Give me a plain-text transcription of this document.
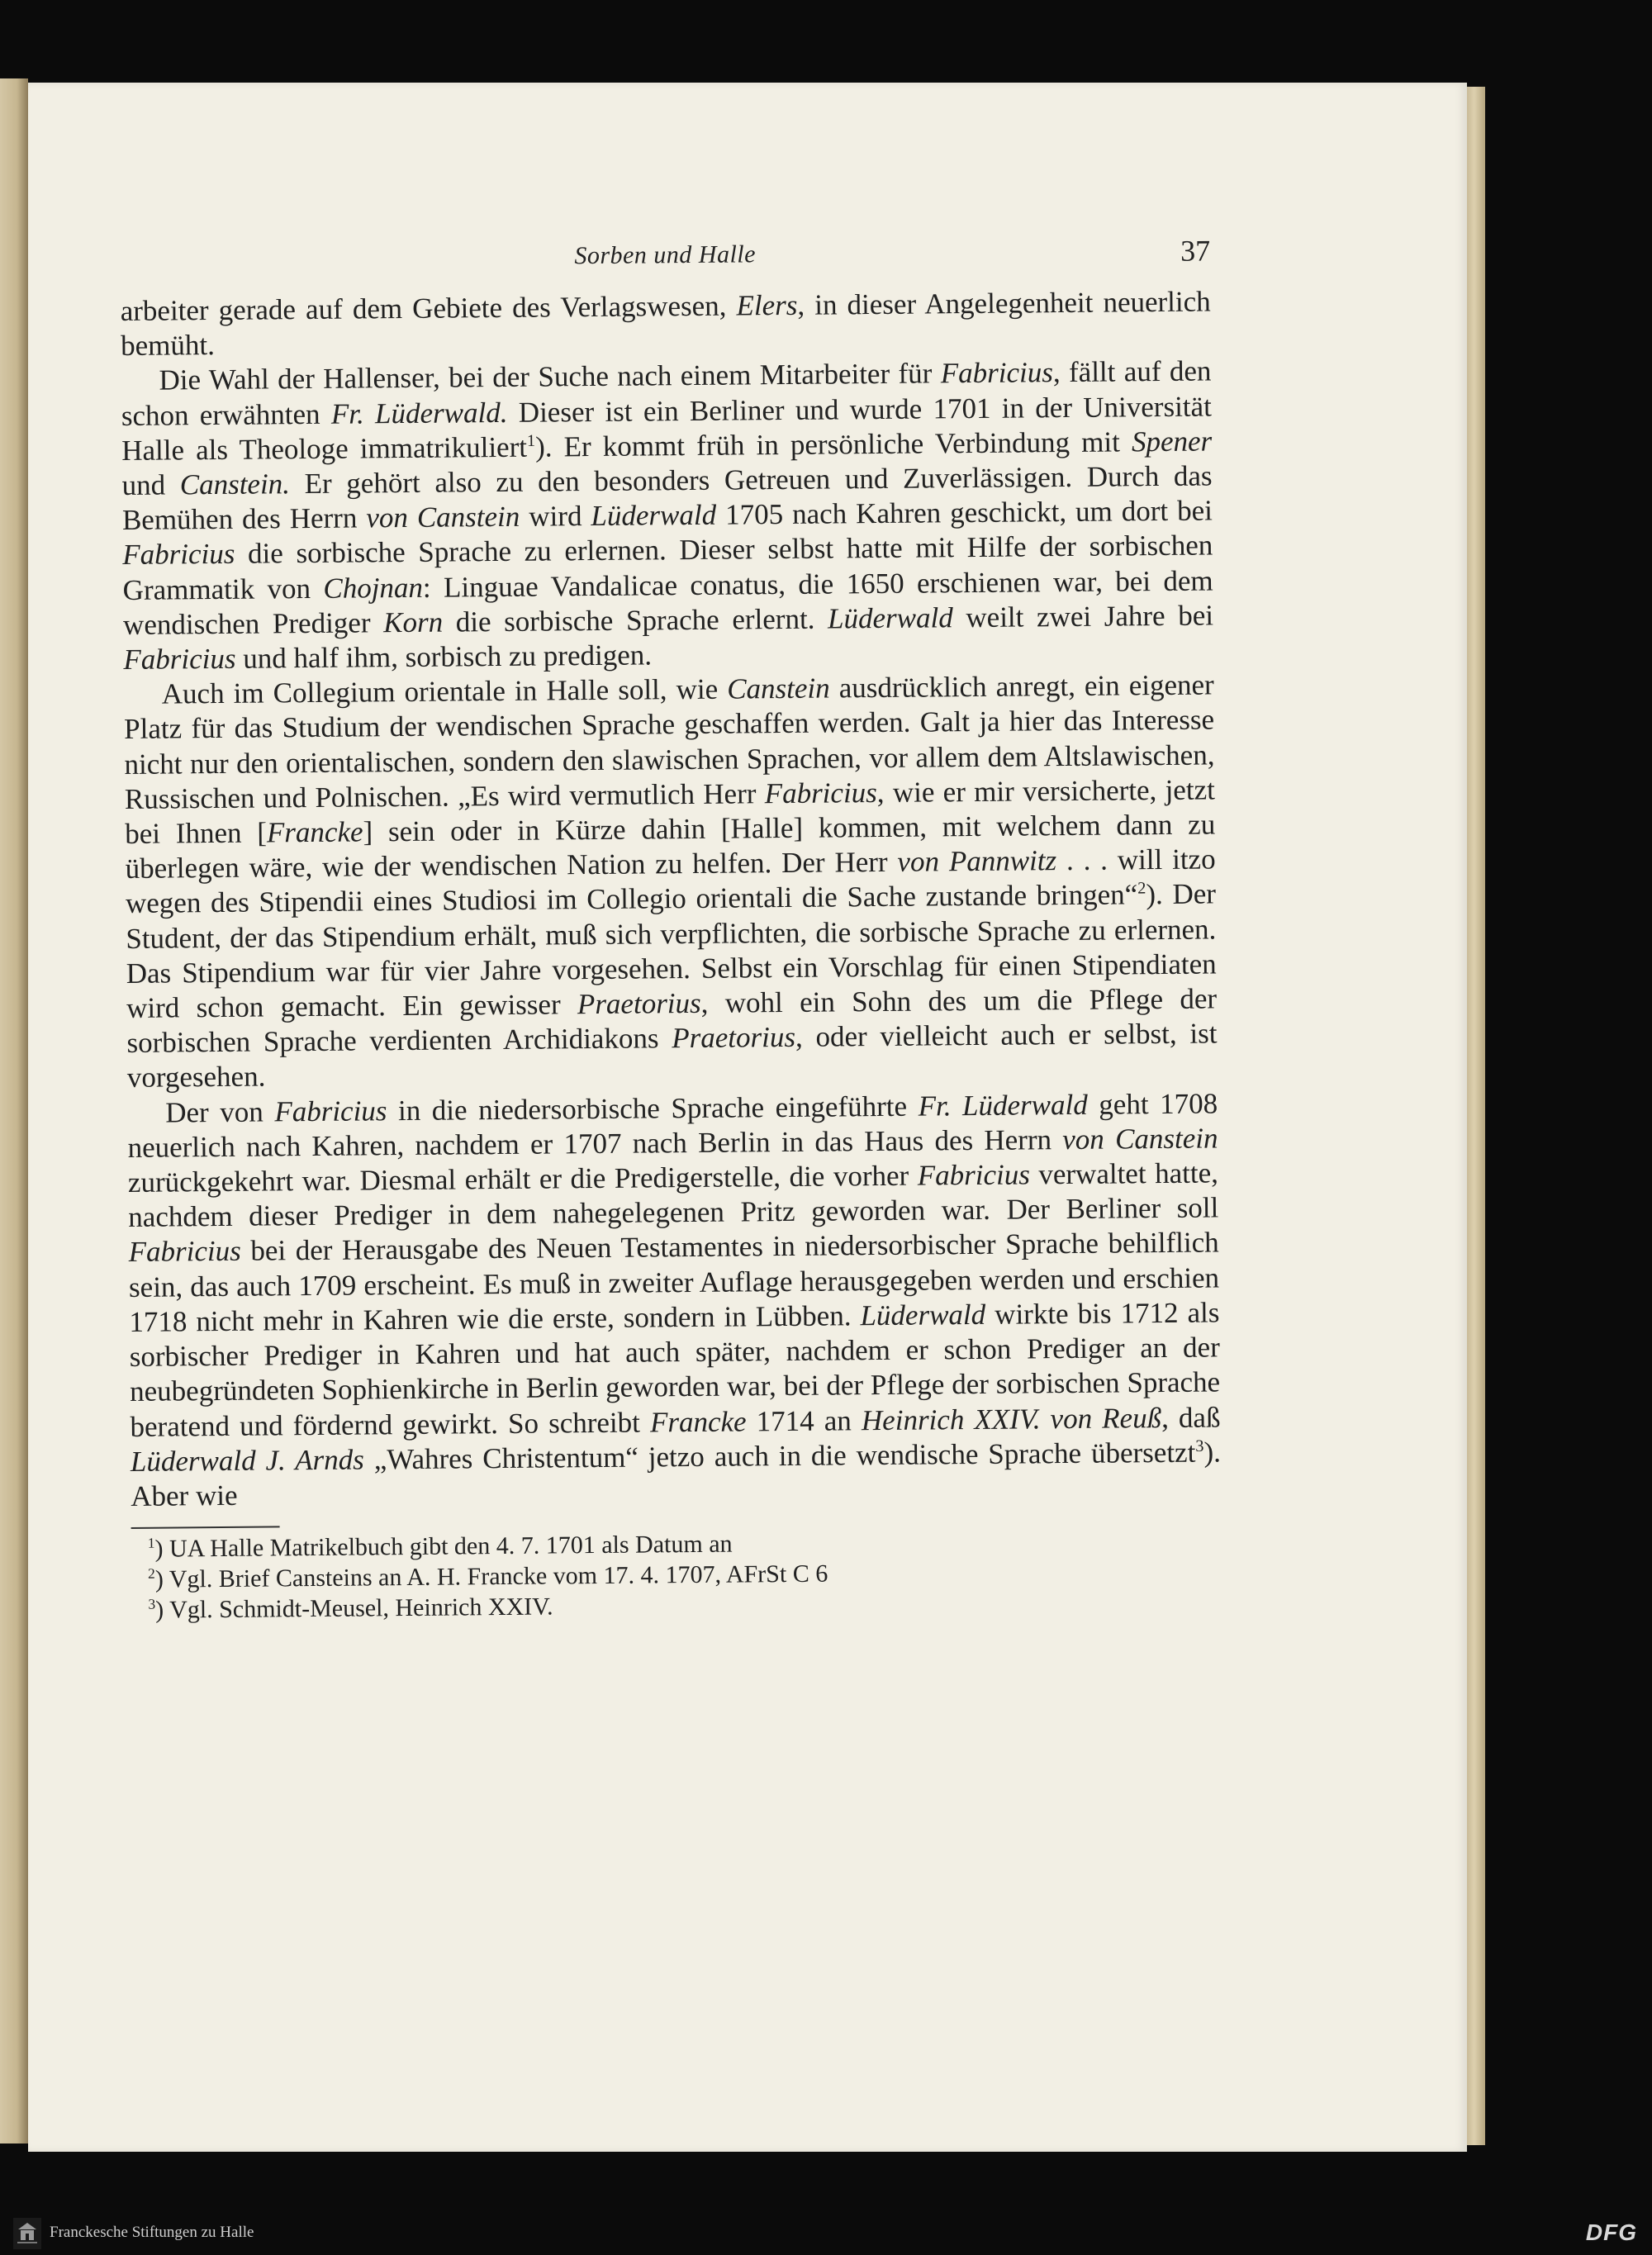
Sorben und Halle	37

arbeiter gerade auf dem Gebiete des Verlagswesen, Elers, in dieser Angelegenheit neuerlich bemüht.

Die Wahl der Hallenser, bei der Suche nach einem Mitarbeiter für Fabricius, fällt auf den schon erwähnten Fr. Lüderwald. Dieser ist ein Berliner und wurde 1701 in der Universität Halle als Theologe immatrikuliert$^1$). Er kommt früh in persönliche Verbindung mit Spener und Canstein. Er gehört also zu den besonders Getreuen und Zuverlässigen. Durch das Bemühen des Herrn von Canstein wird Lüderwald 1705 nach Kahren geschickt, um dort bei Fabricius die sorbische Sprache zu erlernen. Dieser selbst hatte mit Hilfe der sorbischen Grammatik von Chojnan: Linguae Vandalicae conatus, die 1650 erschienen war, bei dem wendischen Prediger Korn die sorbische Sprache erlernt. Lüderwald weilt zwei Jahre bei Fabricius und half ihm, sorbisch zu predigen.

Auch im Collegium orientale in Halle soll, wie Canstein ausdrücklich anregt, ein eigener Platz für das Studium der wendischen Sprache geschaffen werden. Galt ja hier das Interesse nicht nur den orientalischen, sondern den slawischen Sprachen, vor allem dem Altslawischen, Russischen und Polnischen. „Es wird vermutlich Herr Fabricius, wie er mir versicherte, jetzt bei Ihnen [Francke] sein oder in Kürze dahin [Halle] kommen, mit welchem dann zu überlegen wäre, wie der wendischen Nation zu helfen. Der Herr von Pannwitz . . . will itzo wegen des Stipendii eines Studiosi im Collegio orientali die Sache zustande bringen“$^2$). Der Student, der das Stipendium erhält, muß sich verpflichten, die sorbische Sprache zu erlernen. Das Stipendium war für vier Jahre vorgesehen. Selbst ein Vorschlag für einen Stipendiaten wird schon gemacht. Ein gewisser Praetorius, wohl ein Sohn des um die Pflege der sorbischen Sprache verdienten Archidiakons Praetorius, oder vielleicht auch er selbst, ist vorgesehen.

Der von Fabricius in die niedersorbische Sprache eingeführte Fr. Lüderwald geht 1708 neuerlich nach Kahren, nachdem er 1707 nach Berlin in das Haus des Herrn von Canstein zurückgekehrt war. Diesmal erhält er die Predigerstelle, die vorher Fabricius verwaltet hatte, nachdem dieser Prediger in dem nahegelegenen Pritz geworden war. Der Berliner soll Fabricius bei der Herausgabe des Neuen Testamentes in niedersorbischer Sprache behilflich sein, das auch 1709 erscheint. Es muß in zweiter Auflage herausgegeben werden und erschien 1718 nicht mehr in Kahren wie die erste, sondern in Lübben. Lüderwald wirkte bis 1712 als sorbischer Prediger in Kahren und hat auch später, nachdem er schon Prediger an der neubegründeten Sophienkirche in Berlin geworden war, bei der Pflege der sorbischen Sprache beratend und fördernd gewirkt. So schreibt Francke 1714 an Heinrich XXIV. von Reuß, daß Lüderwald J. Arnds „Wahres Christentum“ jetzo auch in die wendische Sprache übersetzt$^3$). Aber wie

$^1$) UA Halle Matrikelbuch gibt den 4. 7. 1701 als Datum an
$^2$) Vgl. Brief Cansteins an A. H. Francke vom 17. 4. 1707, AFrSt C 6
$^3$) Vgl. Schmidt-Meusel, Heinrich XXIV.
Franckesche Stiftungen zu Halle	DFG
